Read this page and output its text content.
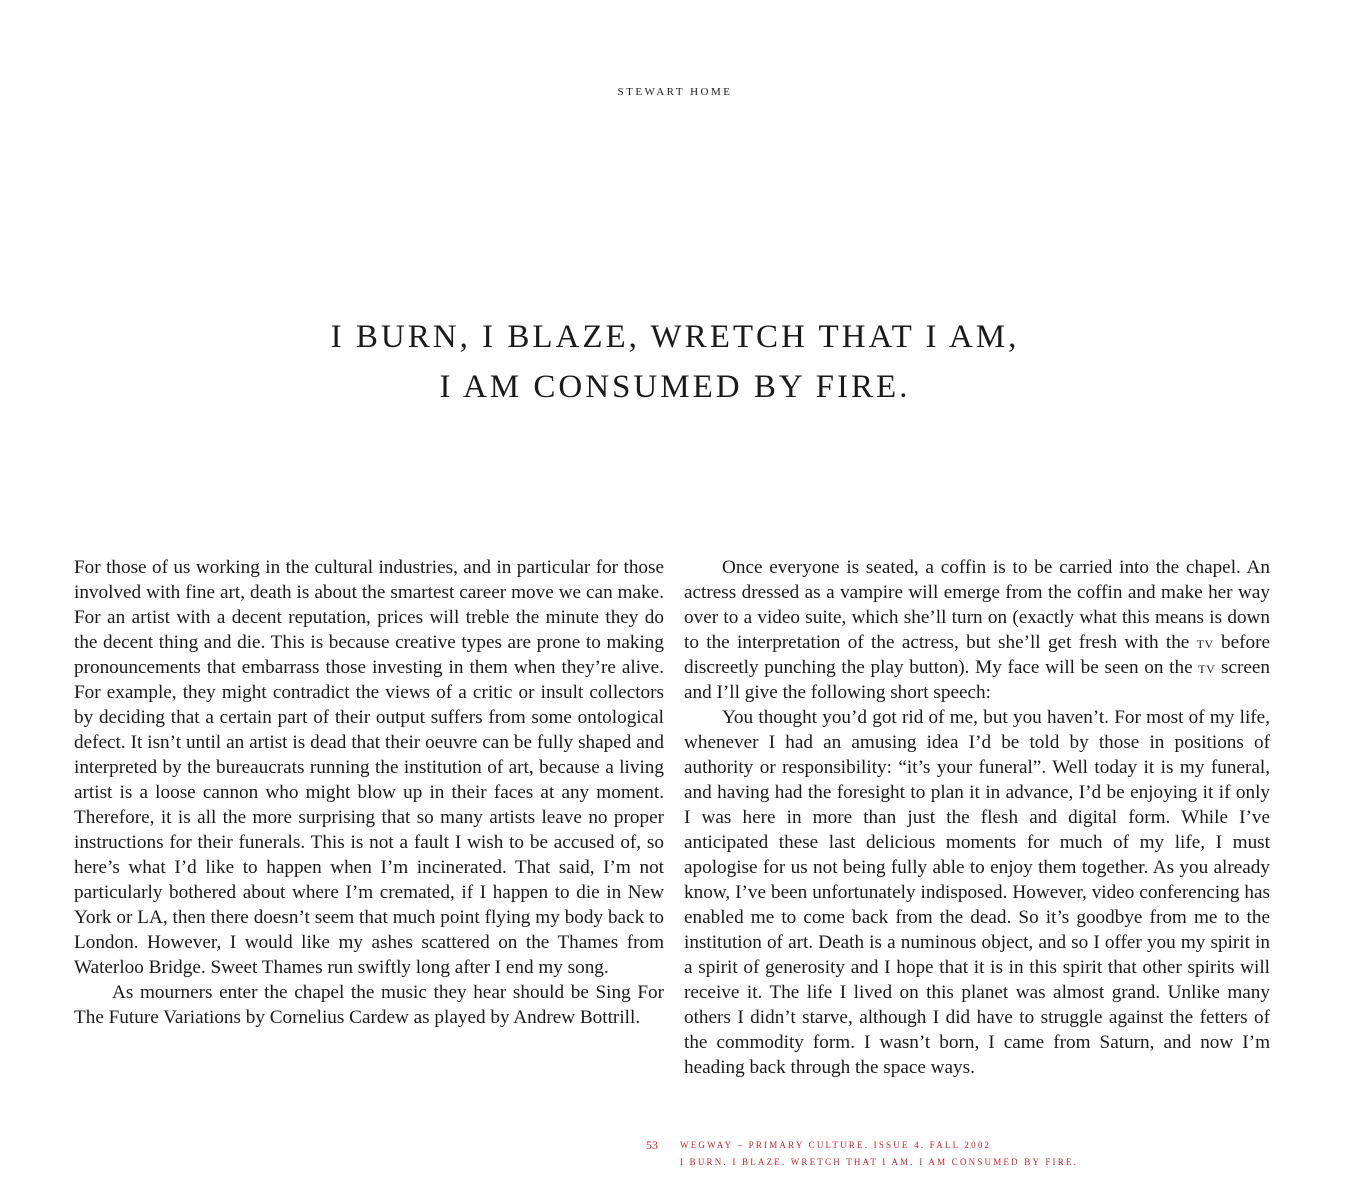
STEWART HOME
I BURN, I BLAZE, WRETCH THAT I AM,
I AM CONSUMED BY FIRE.

For those of us working in the cultural industries, and in particular for those involved with fine art, death is about the smartest career move we can make. For an artist with a decent reputation, prices will treble the minute they do the decent thing and die. This is because creative types are prone to making pronouncements that embarrass those investing in them when they’re alive. For example, they might contradict the views of a critic or insult collectors by deciding that a certain part of their output suffers from some ontological defect. It isn’t until an artist is dead that their oeuvre can be fully shaped and interpreted by the bureaucrats running the institution of art, because a living artist is a loose cannon who might blow up in their faces at any moment. Therefore, it is all the more surprising that so many artists leave no proper instructions for their funerals. This is not a fault I wish to be accused of, so here’s what I’d like to happen when I’m incinerated. That said, I’m not particularly bothered about where I’m cremated, if I happen to die in New York or LA, then there doesn’t seem that much point flying my body back to London. However, I would like my ashes scattered on the Thames from Waterloo Bridge. Sweet Thames run swiftly long after I end my song.

As mourners enter the chapel the music they hear should be Sing For The Future Variations by Cornelius Cardew as played by Andrew Bottrill.

Once everyone is seated, a coffin is to be carried into the chapel. An actress dressed as a vampire will emerge from the coffin and make her way over to a video suite, which she’ll turn on (exactly what this means is down to the interpretation of the actress, but she’ll get fresh with the tv before discreetly punching the play button). My face will be seen on the tv screen and I’ll give the following short speech:

You thought you’d got rid of me, but you haven’t. For most of my life, whenever I had an amusing idea I’d be told by those in positions of authority or responsibility: “it’s your funeral”. Well today it is my funeral, and having had the foresight to plan it in advance, I’d be enjoying it if only I was here in more than just the flesh and digital form. While I’ve anticipated these last delicious moments for much of my life, I must apologise for us not being fully able to enjoy them together. As you already know, I’ve been unfortunately indisposed. However, video conferencing has enabled me to come back from the dead. So it’s goodbye from me to the institution of art. Death is a numinous object, and so I offer you my spirit in a spirit of generosity and I hope that it is in this spirit that other spirits will receive it. The life I lived on this planet was almost grand. Unlike many others I didn’t starve, although I did have to struggle against the fetters of the commodity form. I wasn’t born, I came from Saturn, and now I’m heading back through the space ways.

53 WEGWAY – PRIMARY CULTURE. ISSUE 4. FALL 2002
I BURN. I BLAZE. WRETCH THAT I AM. I AM CONSUMED BY FIRE.
